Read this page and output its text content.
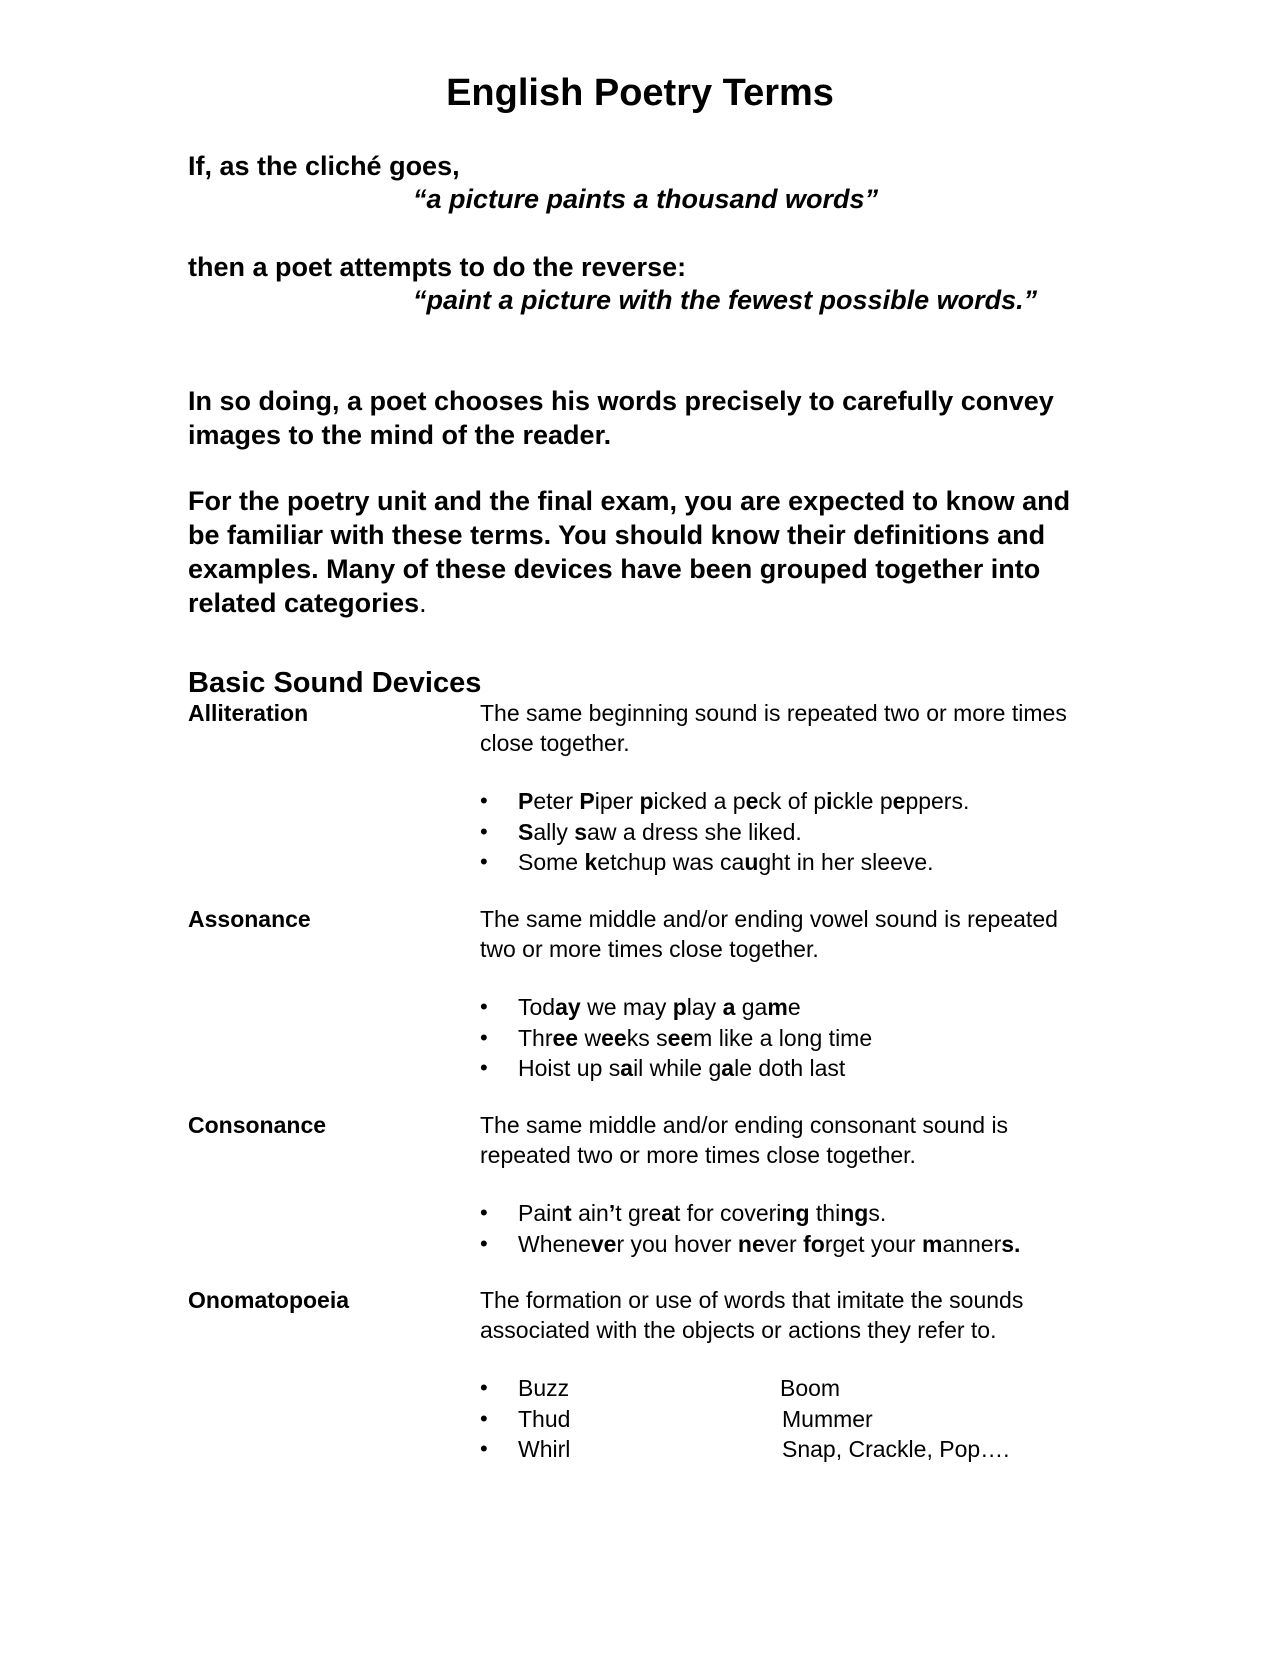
English Poetry Terms

If, as the cliché goes,

“a picture paints a thousand words”

then a poet attempts to do the reverse:

“paint a picture with the fewest possible words.”

In so doing, a poet chooses his words precisely to carefully convey images to the mind of the reader.

For the poetry unit and the final exam, you are expected to know and be familiar with these terms. You should know their definitions and examples. Many of these devices have been grouped together into related categories.

Basic Sound Devices

Alliteration	The same beginning sound is repeated two or more times close together.

• Peter Piper picked a peck of pickle peppers.
• Sally saw a dress she liked.
• Some ketchup was caught in her sleeve.

Assonance	The same middle and/or ending vowel sound is repeated two or more times close together.

• Today we may play a game
• Three weeks seem like a long time
• Hoist up sail while gale doth last

Consonance	The same middle and/or ending consonant sound is repeated two or more times close together.

• Paint ain’t great for covering things.
• Whenever you hover never forget your manners.

Onomatopoeia	The formation or use of words that imitate the sounds associated with the objects or actions they refer to.

• Buzz	Boom
• Thud	Mummer
• Whirl	Snap, Crackle, Pop….
